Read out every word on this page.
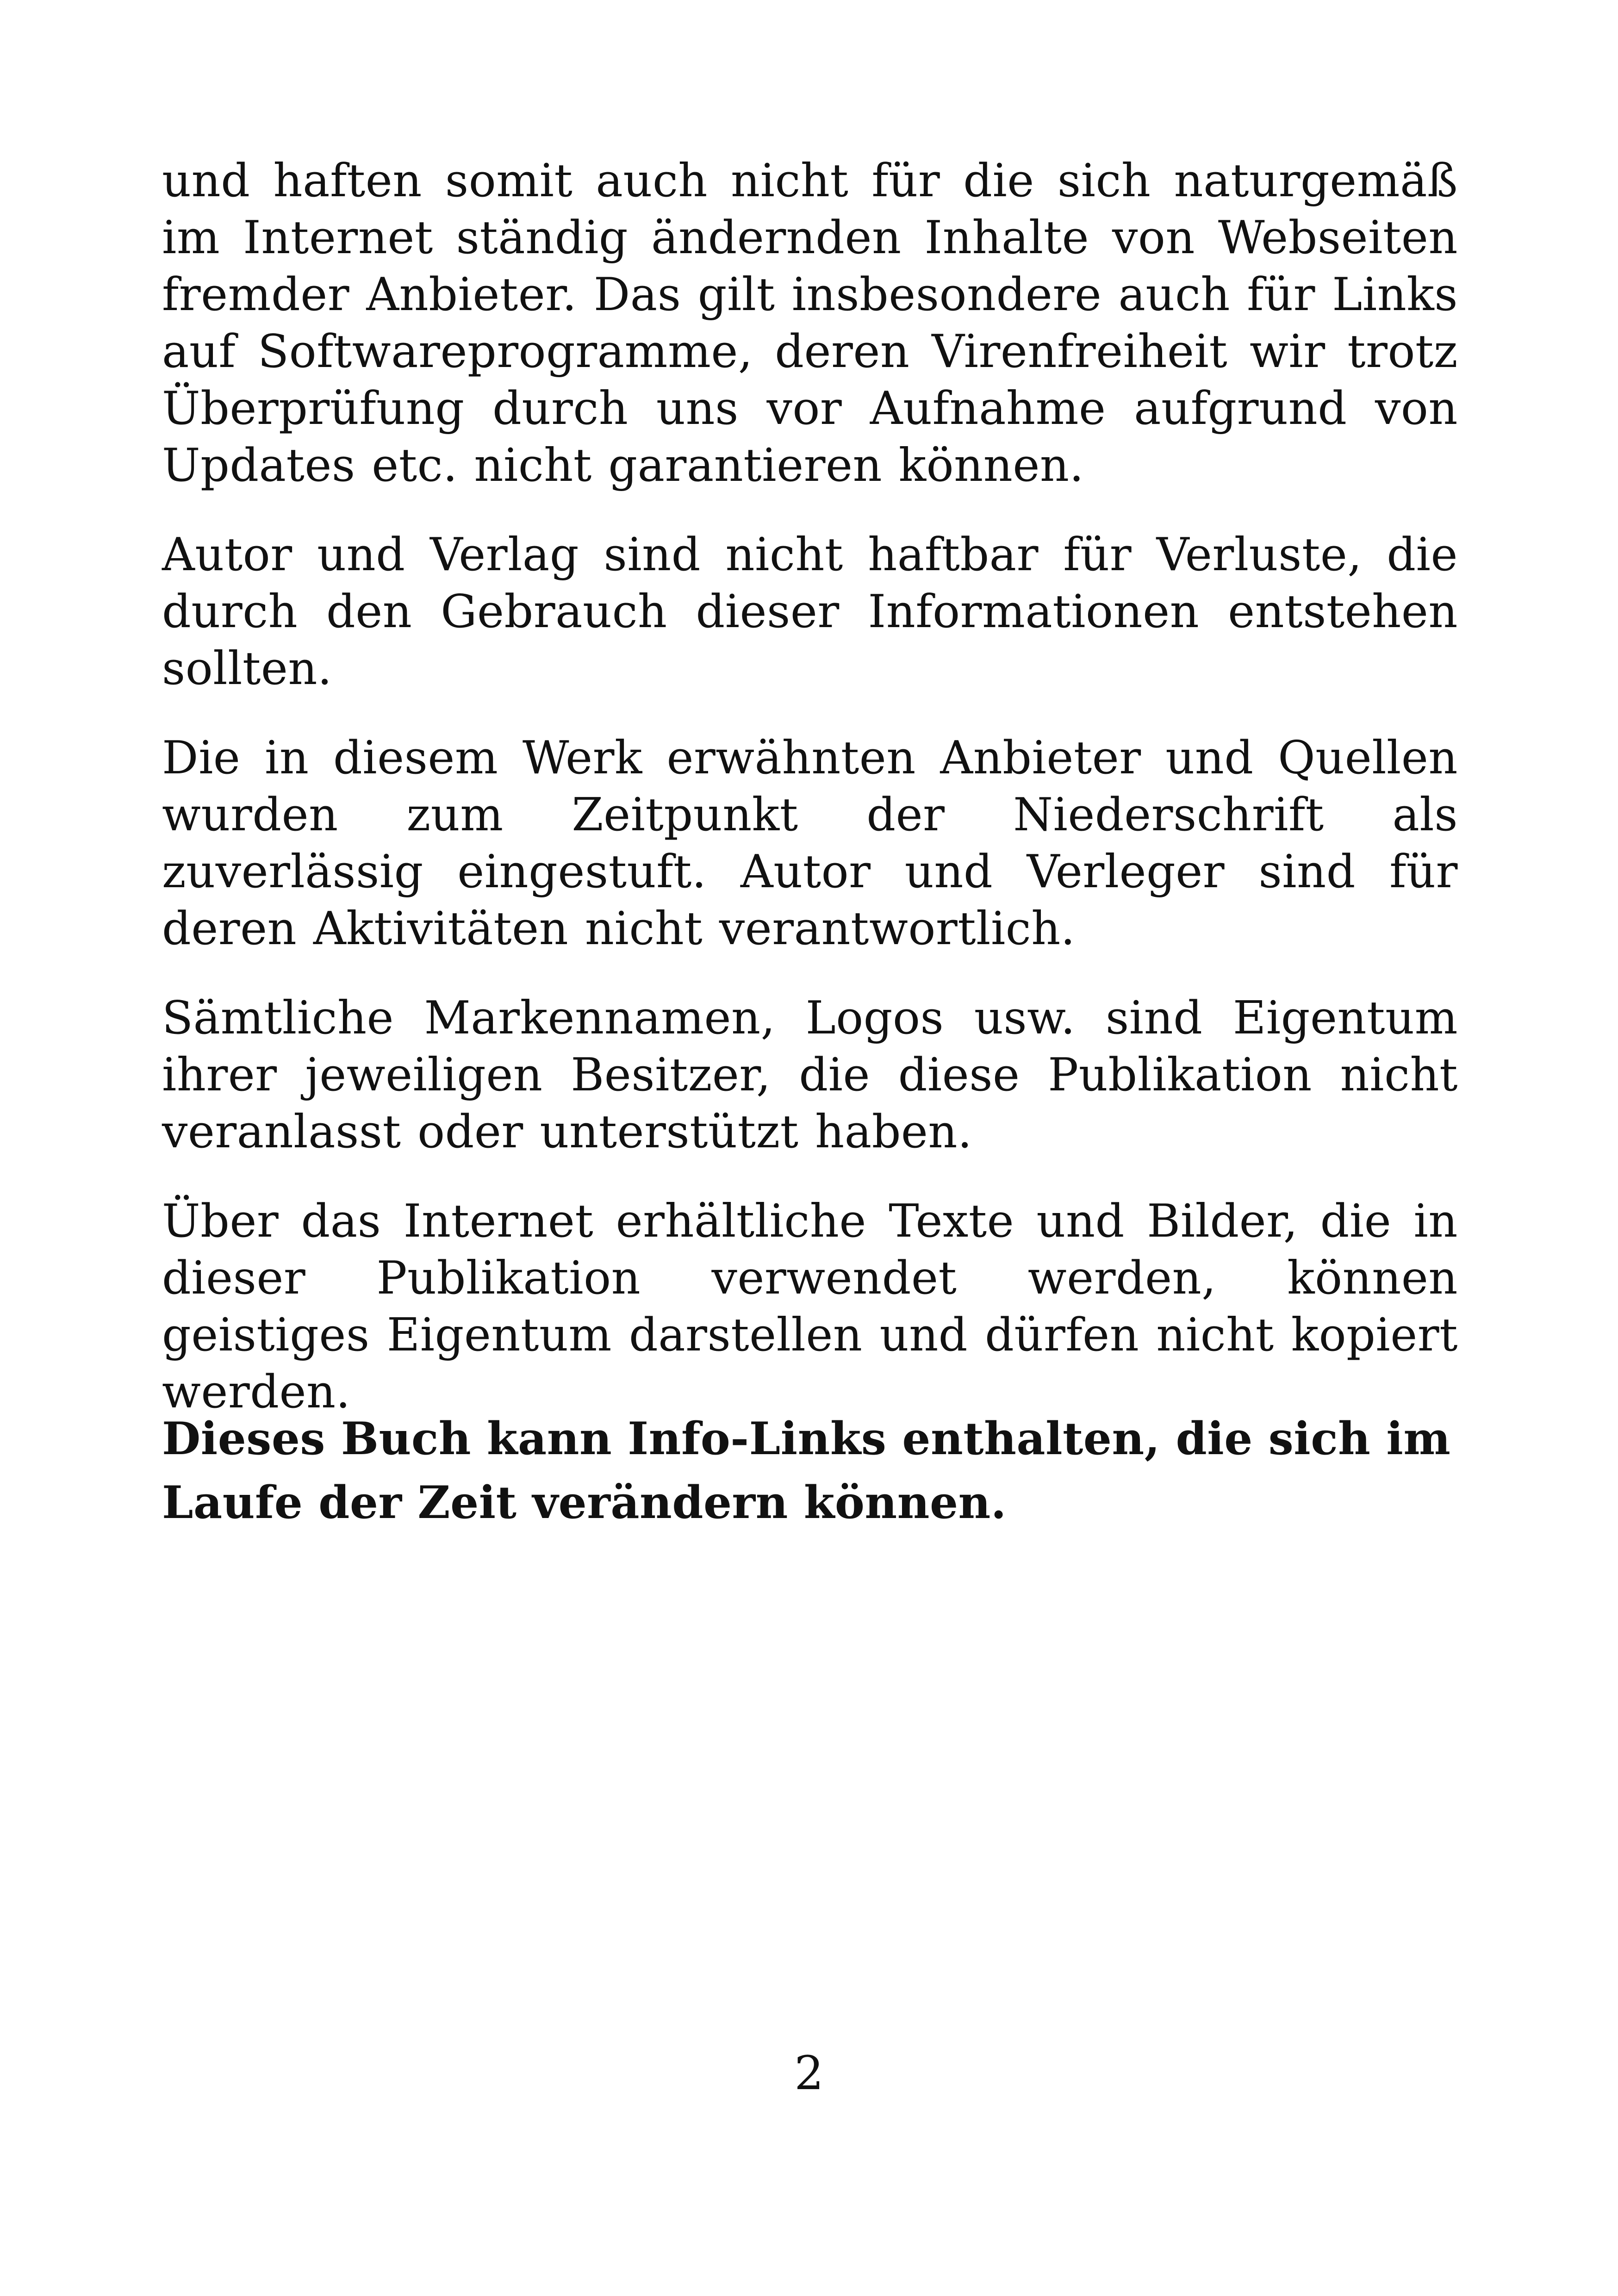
und haften somit auch nicht für die sich naturgemäß im Internet ständig ändernden Inhalte von Webseiten fremder Anbieter. Das gilt insbesondere auch für Links auf Softwareprogramme, deren Virenfreiheit wir trotz Überprüfung durch uns vor Aufnahme aufgrund von Updates etc. nicht garantieren können.

Autor und Verlag sind nicht haftbar für Verluste, die durch den Gebrauch dieser Informationen entstehen sollten.

Die in diesem Werk erwähnten Anbieter und Quellen wurden zum Zeitpunkt der Niederschrift als zuverlässig eingestuft. Autor und Verleger sind für deren Aktivitäten nicht verantwortlich.

Sämtliche Markennamen, Logos usw. sind Eigentum ihrer jeweiligen Besitzer, die diese Publikation nicht veranlasst oder unterstützt haben.

Über das Internet erhältliche Texte und Bilder, die in dieser Publikation verwendet werden, können geistiges Eigentum darstellen und dürfen nicht kopiert werden.

Dieses Buch kann Info-Links enthalten, die sich im Laufe der Zeit verändern können.

2
